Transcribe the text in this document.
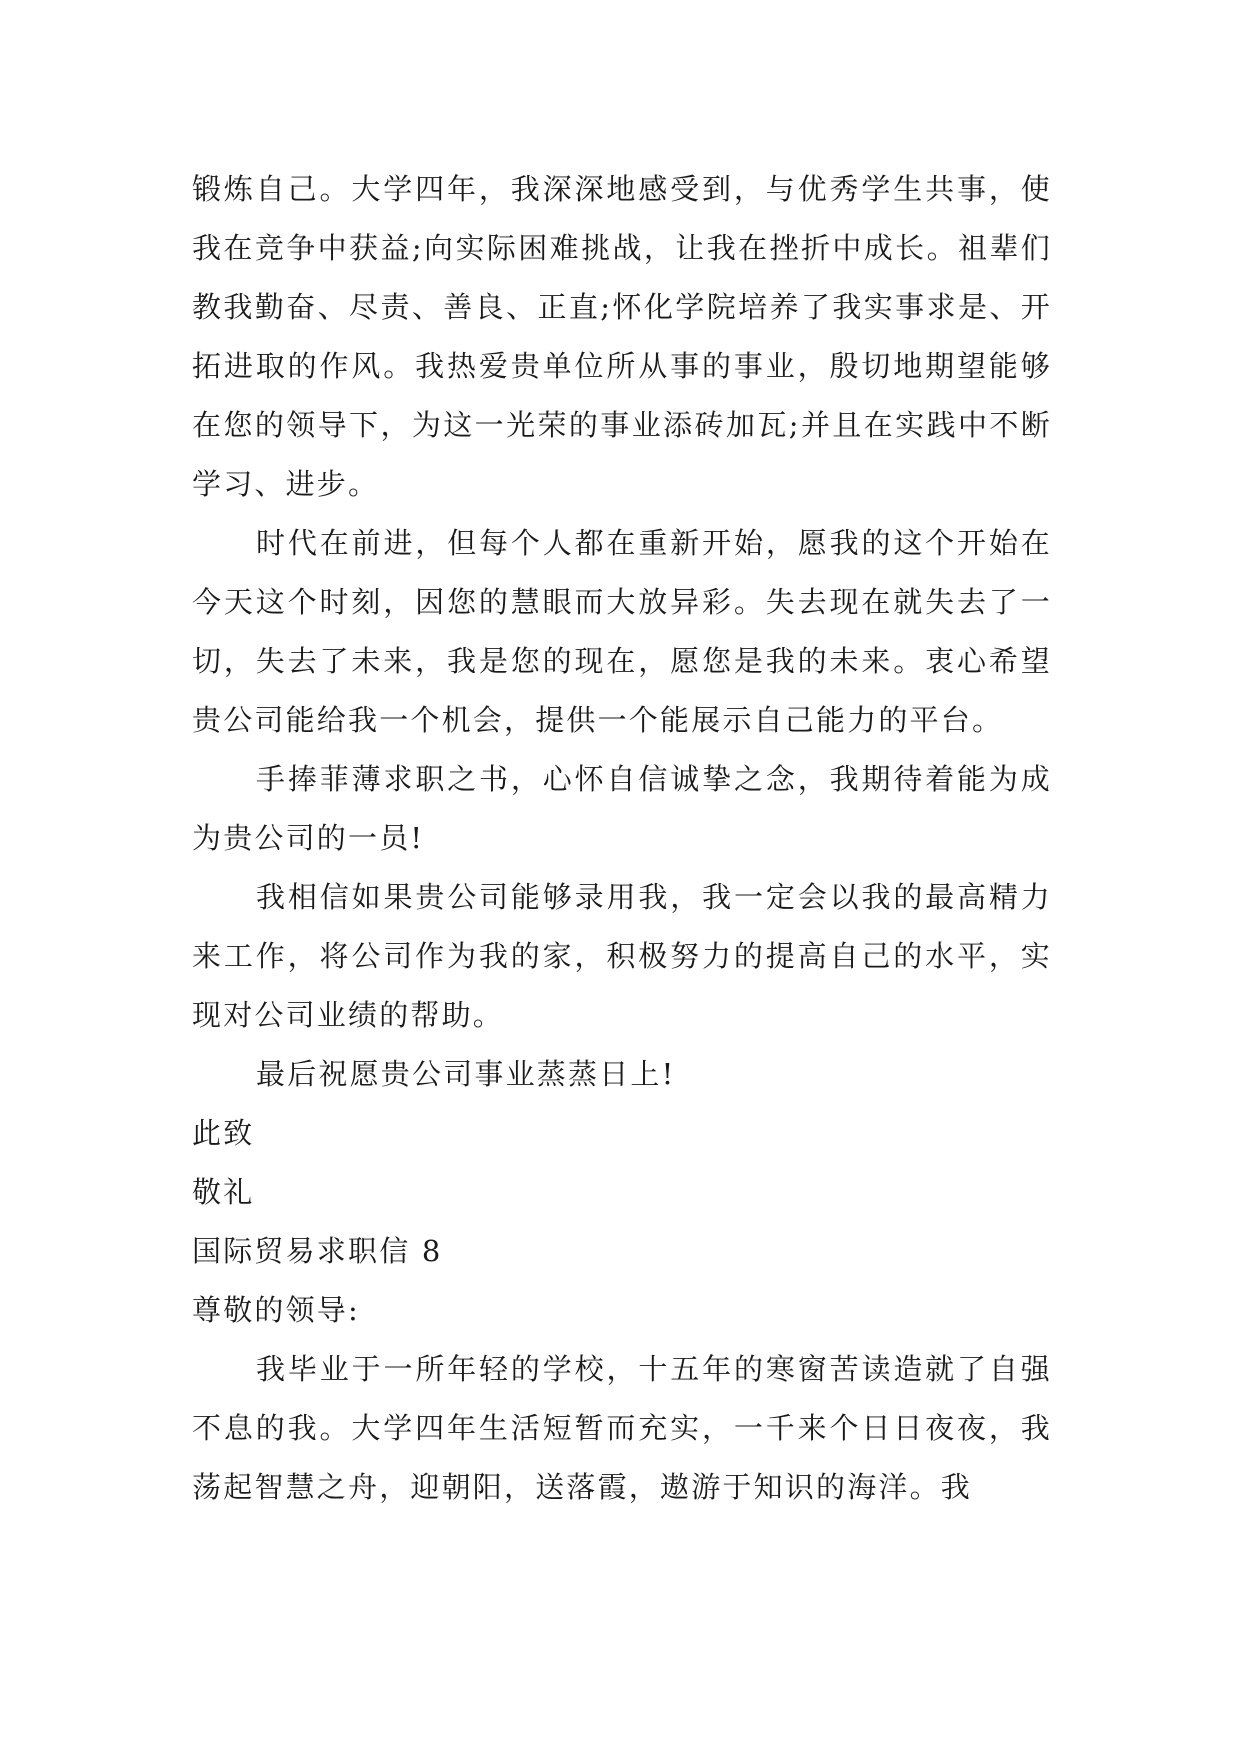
锻炼自己。大学四年，我深深地感受到，与优秀学生共事，使我在竞争中获益;向实际困难挑战，让我在挫折中成长。祖辈们教我勤奋、尽责、善良、正直;怀化学院培养了我实事求是、开拓进取的作风。我热爱贵单位所从事的事业，殷切地期望能够在您的领导下，为这一光荣的事业添砖加瓦;并且在实践中不断学习、进步。

时代在前进，但每个人都在重新开始，愿我的这个开始在今天这个时刻，因您的慧眼而大放异彩。失去现在就失去了一切，失去了未来，我是您的现在，愿您是我的未来。衷心希望贵公司能给我一个机会，提供一个能展示自己能力的平台。

手捧菲薄求职之书，心怀自信诚挚之念，我期待着能为成为贵公司的一员!

我相信如果贵公司能够录用我，我一定会以我的最高精力来工作，将公司作为我的家，积极努力的提高自己的水平，实现对公司业绩的帮助。

最后祝愿贵公司事业蒸蒸日上!

此致

敬礼

国际贸易求职信 8

尊敬的领导:

我毕业于一所年轻的学校，十五年的寒窗苦读造就了自强不息的我。大学四年生活短暂而充实，一千来个日日夜夜，我荡起智慧之舟，迎朝阳，送落霞，遨游于知识的海洋。我
